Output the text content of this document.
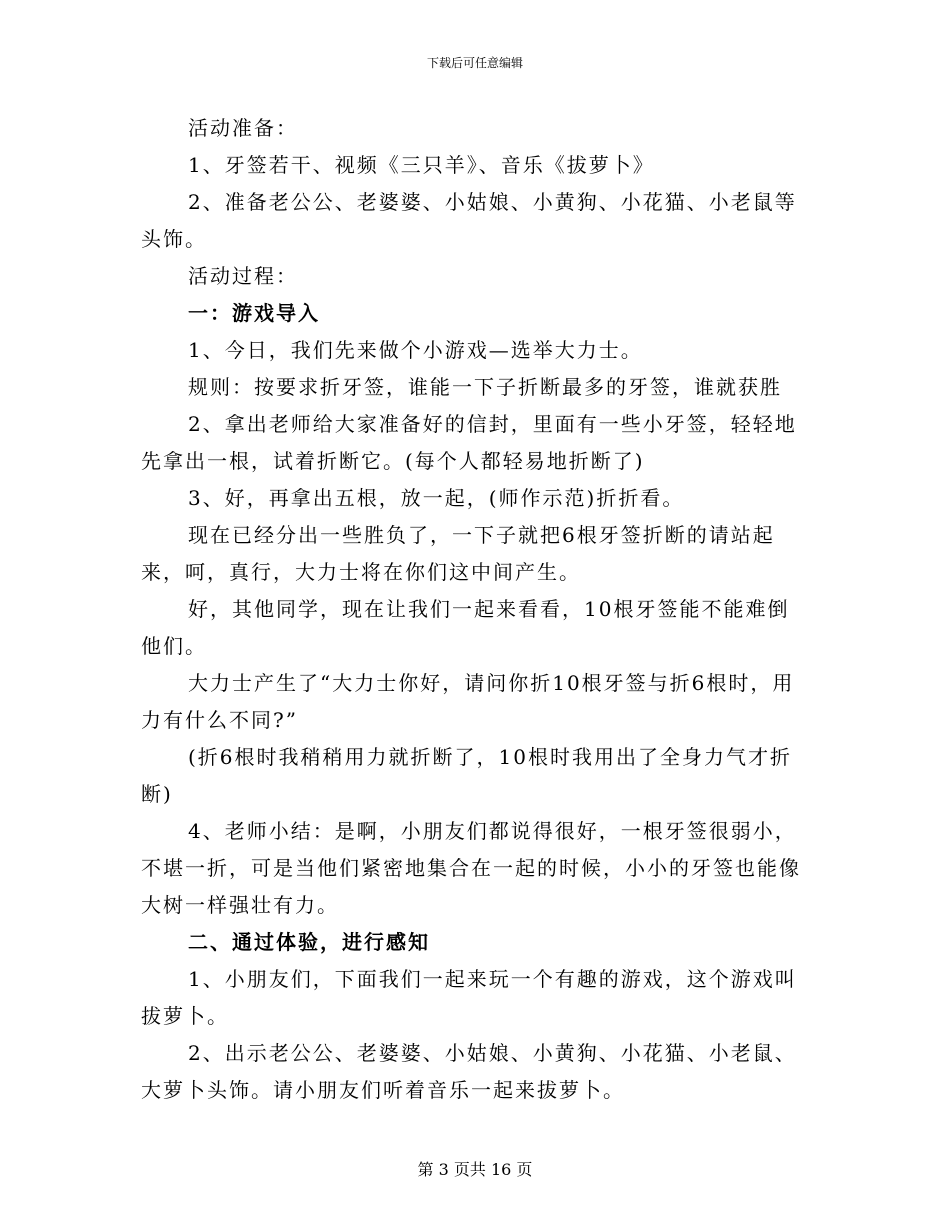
下载后可任意编辑

活动准备：

1、牙签若干、视频《三只羊》、音乐《拔萝卜》

2、准备老公公、老婆婆、小姑娘、小黄狗、小花猫、小老鼠等头饰。

活动过程：

一：游戏导入

1、今日，我们先来做个小游戏—选举大力士。

规则：按要求折牙签，谁能一下子折断最多的牙签，谁就获胜

2、拿出老师给大家准备好的信封，里面有一些小牙签，轻轻地先拿出一根，试着折断它。(每个人都轻易地折断了)

3、好，再拿出五根，放一起，(师作示范)折折看。

现在已经分出一些胜负了，一下子就把6根牙签折断的请站起来，呵，真行，大力士将在你们这中间产生。

好，其他同学，现在让我们一起来看看，10根牙签能不能难倒他们。

大力士产生了“大力士你好，请问你折10根牙签与折6根时，用力有什么不同?”

(折6根时我稍稍用力就折断了，10根时我用出了全身力气才折断)

4、老师小结：是啊，小朋友们都说得很好，一根牙签很弱小，不堪一折，可是当他们紧密地集合在一起的时候，小小的牙签也能像大树一样强壮有力。

二、通过体验，进行感知

1、小朋友们，下面我们一起来玩一个有趣的游戏，这个游戏叫拔萝卜。

2、出示老公公、老婆婆、小姑娘、小黄狗、小花猫、小老鼠、大萝卜头饰。请小朋友们听着音乐一起来拔萝卜。

第 3 页共 16 页
